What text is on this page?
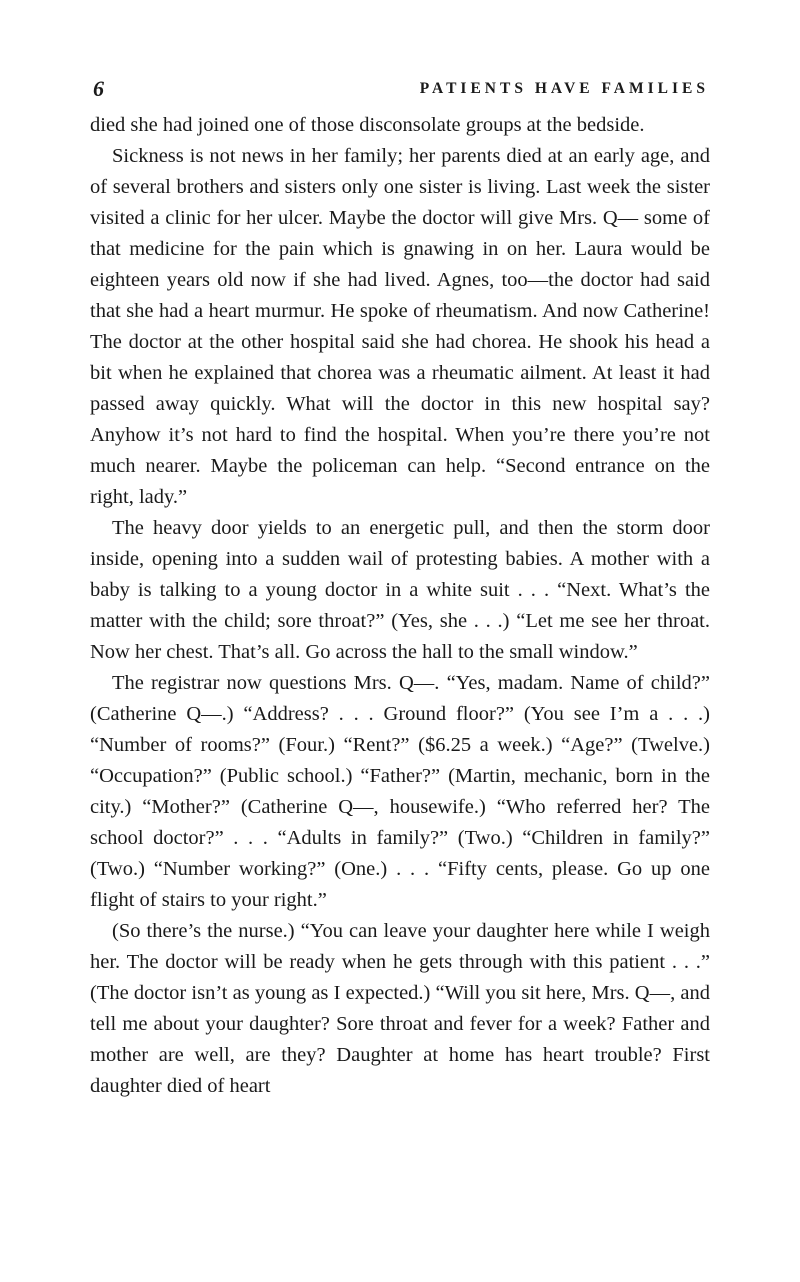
6	PATIENTS HAVE FAMILIES

died she had joined one of those disconsolate groups at the bedside.

Sickness is not news in her family; her parents died at an early age, and of several brothers and sisters only one sister is living. Last week the sister visited a clinic for her ulcer. Maybe the doctor will give Mrs. Q— some of that medicine for the pain which is gnawing in on her. Laura would be eighteen years old now if she had lived. Agnes, too—the doctor had said that she had a heart murmur. He spoke of rheumatism. And now Catherine! The doctor at the other hospital said she had chorea. He shook his head a bit when he explained that chorea was a rheumatic ailment. At least it had passed away quickly. What will the doctor in this new hospital say? Anyhow it’s not hard to find the hospital. When you’re there you’re not much nearer. Maybe the policeman can help. “Second entrance on the right, lady.”

The heavy door yields to an energetic pull, and then the storm door inside, opening into a sudden wail of protesting babies. A mother with a baby is talking to a young doctor in a white suit . . . “Next. What’s the matter with the child; sore throat?” (Yes, she . . .) “Let me see her throat. Now her chest. That’s all. Go across the hall to the small window.”

The registrar now questions Mrs. Q—. “Yes, madam. Name of child?” (Catherine Q—.) “Address? . . . Ground floor?” (You see I’m a . . .) “Number of rooms?” (Four.) “Rent?” ($6.25 a week.) “Age?” (Twelve.) “Occupation?” (Public school.) “Father?” (Martin, mechanic, born in the city.) “Mother?” (Catherine Q—, housewife.) “Who referred her? The school doctor?” . . . “Adults in family?” (Two.) “Children in family?” (Two.) “Number working?” (One.) . . . “Fifty cents, please. Go up one flight of stairs to your right.”

(So there’s the nurse.) “You can leave your daughter here while I weigh her. The doctor will be ready when he gets through with this patient . . .” (The doctor isn’t as young as I expected.) “Will you sit here, Mrs. Q—, and tell me about your daughter? Sore throat and fever for a week? Father and mother are well, are they? Daughter at home has heart trouble? First daughter died of heart
